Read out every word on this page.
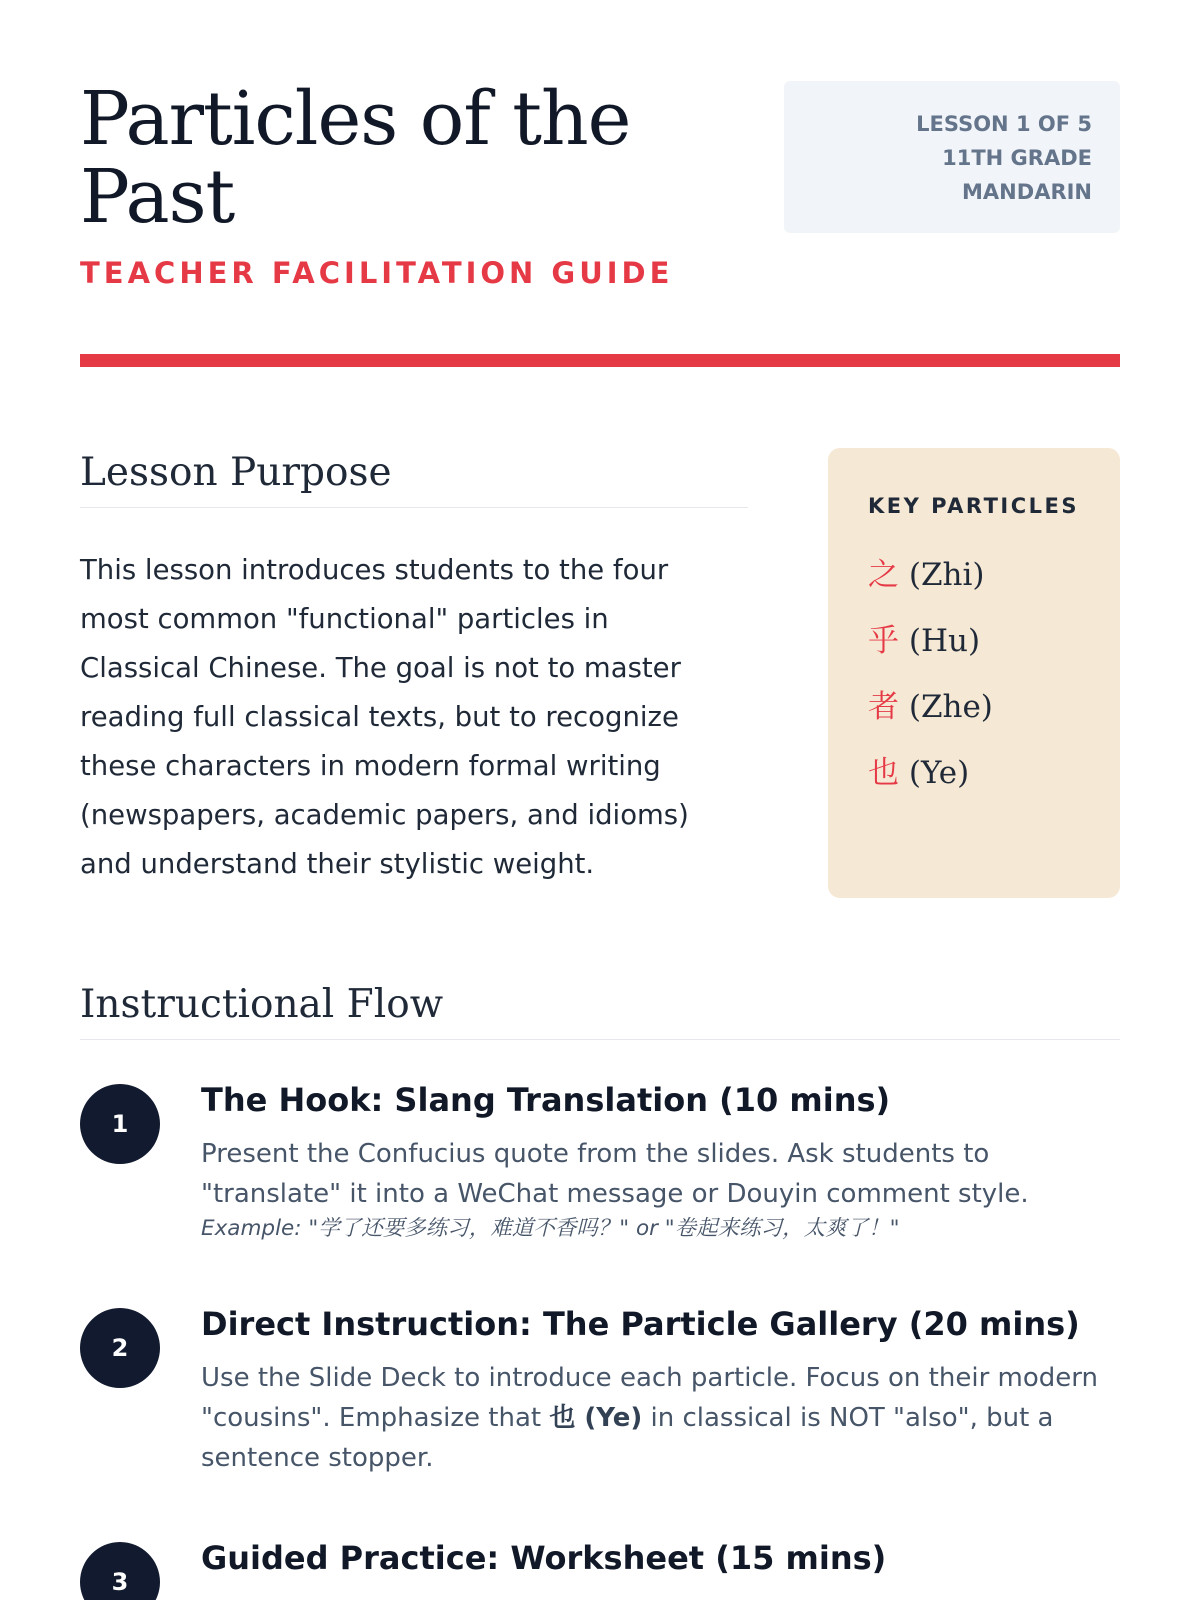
Particles of the Past
TEACHER FACILITATION GUIDE
LESSON 1 OF 5
11TH GRADE
MANDARIN
Lesson Purpose

This lesson introduces students to the four most common "functional" particles in Classical Chinese. The goal is not to master reading full classical texts, but to recognize these characters in modern formal writing (newspapers, academic papers, and idioms) and understand their stylistic weight.

KEY PARTICLES
之 (Zhi)
乎 (Hu)
者 (Zhe)
也 (Ye)
Instructional Flow
1
The Hook: Slang Translation (10 mins)

Present the Confucius quote from the slides. Ask students to "translate" it into a WeChat message or Douyin comment style.

Example: "学了还要多练习，难道不香吗？" or "卷起来练习，太爽了！"

2
Direct Instruction: The Particle Gallery (20 mins)

Use the Slide Deck to introduce each particle. Focus on their modern "cousins". Emphasize that 也 (Ye) in classical is NOT "also", but a sentence stopper.

3
Guided Practice: Worksheet (15 mins)
